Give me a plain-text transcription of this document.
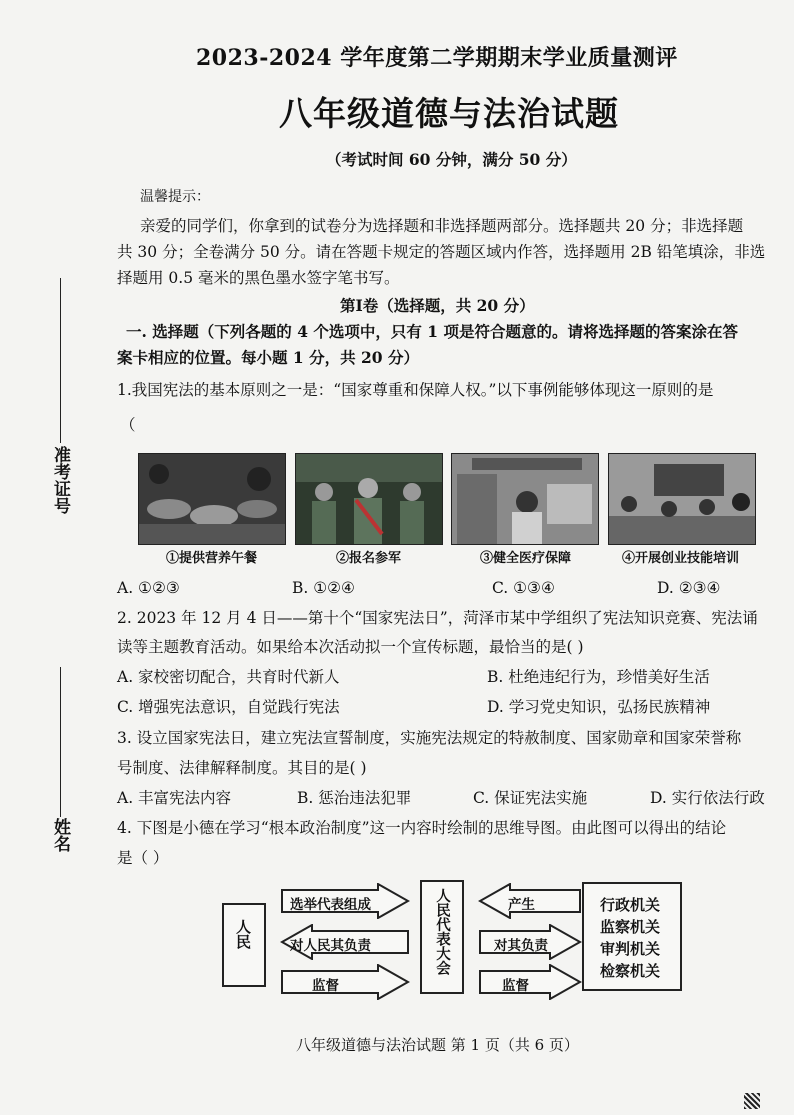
2023-2024 学年度第二学期期末学业质量测评
八年级道德与法治试题
（考试时间 60 分钟，满分 50 分）
温馨提示：
亲爱的同学们，你拿到的试卷分为选择题和非选择题两部分。选择题共 20 分；非选择题
共 30 分；全卷满分 50 分。请在答题卡规定的答题区域内作答，选择题用 2B 铅笔填涂，非选
择题用 0.5 毫米的黑色墨水签字笔书写。
第Ⅰ卷（选择题，共 20 分）
一. 选择题（下列各题的 4 个选项中，只有 1 项是符合题意的。请将选择题的答案涂在答
案卡相应的位置。每小题 1 分，共 20 分）
准考证号
姓名
1.我国宪法的基本原则之一是：“国家尊重和保障人权。”以下事例能够体现这一原则的是
（
①提供营养午餐	②报名参军	③健全医疗保障	④开展创业技能培训
A. ①②③	B. ①②④	C. ①③④	D. ②③④
2. 2023 年 12 月 4 日——第十个“国家宪法日”，菏泽市某中学组织了宪法知识竞赛、宪法诵
读等主题教育活动。如果给本次活动拟一个宣传标题，最恰当的是( )
A. 家校密切配合，共育时代新人	B. 杜绝违纪行为，珍惜美好生活
C. 增强宪法意识，自觉践行宪法	D. 学习党史知识，弘扬民族精神
3. 设立国家宪法日，建立宪法宣誓制度，实施宪法规定的特赦制度、国家勋章和国家荣誉称
号制度、法律解释制度。其目的是( )
A. 丰富宪法内容	B. 惩治违法犯罪	C. 保证宪法实施	D. 实行依法行政
4. 下图是小德在学习“根本政治制度”这一内容时绘制的思维导图。由此图可以得出的结论
是（ ）
人民	人民代表大会	行政机关
监察机关
审判机关
检察机关
选举代表组成
对人民其负责
监督
产生
对其负责
监督
八年级道德与法治试题 第 1 页（共 6 页）
